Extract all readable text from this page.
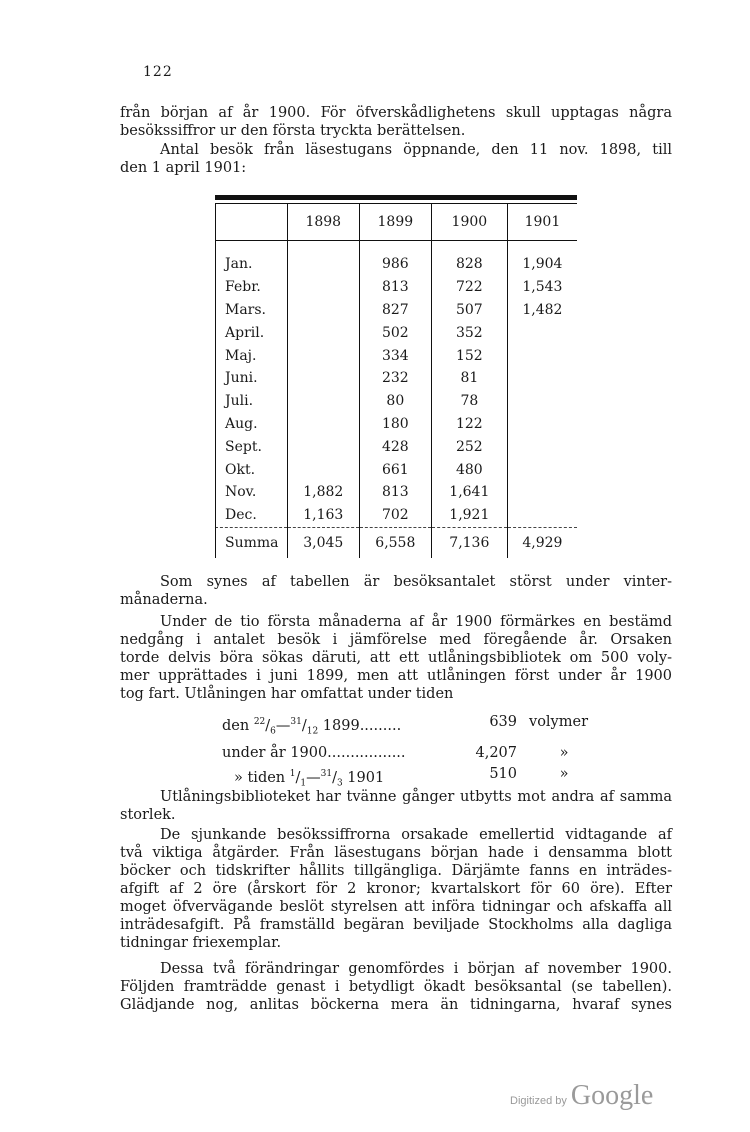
122
från början af år 1900. För öfverskådlighetens skull upptagas några
besökssiffror ur den första tryckta berättelsen.
Antal besök från läsestugans öppnande, den 11 nov. 1898, till
den 1 april 1901:
	1898	1899	1900	1901

Jan.		986	828	1,904
Febr.		813	722	1,543
Mars.		827	507	1,482
April.		502	352	
Maj.		334	152	
Juni.		232	81	
Juli.		80	78	
Aug.		180	122	
Sept.		428	252	
Okt.		661	480	
Nov.	1,882	813	1,641	
Dec.	1,163	702	1,921	
Summa	3,045	6,558	7,136	4,929
Som synes af tabellen är besöksantalet störst under vinter-
månaderna.
Under de tio första månaderna af år 1900 förmärkes en bestämd
nedgång i antalet besök i jämförelse med föregående år. Orsaken
torde delvis böra sökas däruti, att ett utlåningsbibliotek om 500 voly-
mer upprättades i juni 1899, men att utlåningen först under år 1900
tog fart. Utlåningen har omfattat under tiden
den $^{22}/_6—^{31}/_{12}$ 1899.........	639 volymer
under år 1900.................	4,207	»
» tiden $^1/_1—^{31}/_3$ 1901	510	»
Utlåningsbiblioteket har tvänne gånger utbytts mot andra af samma
storlek.
De sjunkande besökssiffrorna orsakade emellertid vidtagande af
två viktiga åtgärder. Från läsestugans början hade i densamma blott
böcker och tidskrifter hållits tillgängliga. Därjämte fanns en inträdes-
afgift af 2 öre (årskort för 2 kronor; kvartalskort för 60 öre). Efter
moget öfvervägande beslöt styrelsen att införa tidningar och afskaffa all
inträdesafgift. På framställd begäran beviljade Stockholms alla dagliga
tidningar friexemplar.
Dessa två förändringar genomfördes i början af november 1900.
Följden framträdde genast i betydligt ökadt besöksantal (se tabellen).
Glädjande nog, anlitas böckerna mera än tidningarna, hvaraf synes
Digitized by Google
